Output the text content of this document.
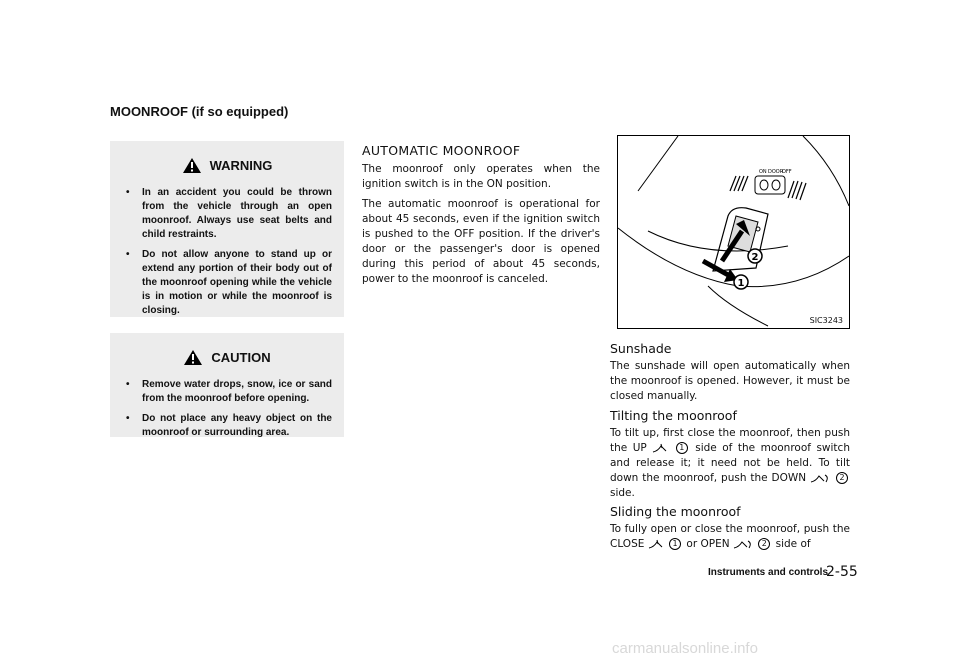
MOONROOF (if so equipped)
WARNING
• In an accident you could be thrown from the vehicle through an open moonroof. Always use seat belts and child restraints.
• Do not allow anyone to stand up or extend any portion of their body out of the moonroof opening while the vehicle is in motion or while the moonroof is closing.
CAUTION
• Remove water drops, snow, ice or sand from the moonroof before opening.
• Do not place any heavy object on the moonroof or surrounding area.
AUTOMATIC MOONROOF

The moonroof only operates when the ignition switch is in the ON position.

The automatic moonroof is operational for about 45 seconds, even if the ignition switch is pushed to the OFF position. If the driver's door or the passenger's door is opened during this period of about 45 seconds, power to the moonroof is canceled.

ON DOOR
OFF
2
1
SIC3243
Sunshade

The sunshade will open automatically when the moonroof is opened. However, it must be closed manually.

Tilting the moonroof

To tilt up, first close the moonroof, then push the UP	1 side of the moonroof switch and release it; it need not be held. To tilt down the moonroof, push the DOWN	2 side.

Sliding the moonroof

To fully open or close the moonroof, push the CLOSE	1 or OPEN	2 side of

Instruments and controls
2-55
carmanualsonline.info
